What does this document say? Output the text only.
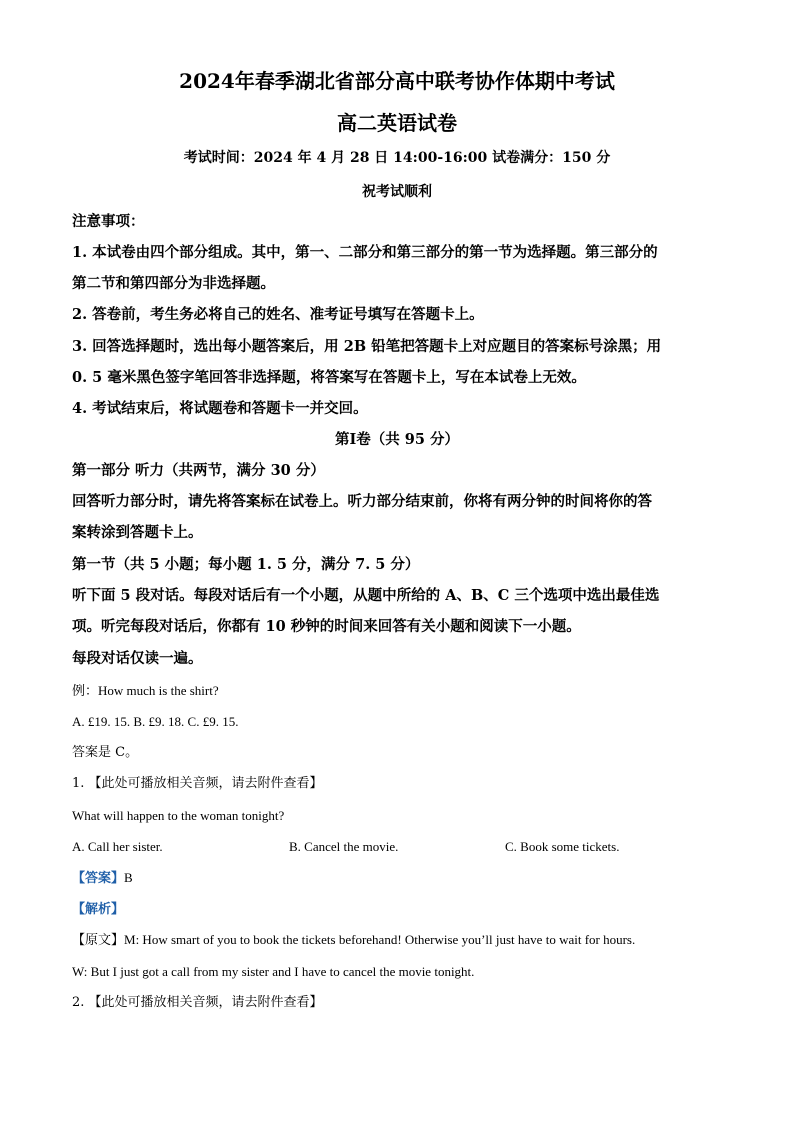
2024年春季湖北省部分高中联考协作体期中考试
高二英语试卷
考试时间：2024 年 4 月 28 日 14:00-16:00 试卷满分：150 分
祝考试顺利
注意事项：
1. 本试卷由四个部分组成。其中，第一、二部分和第三部分的第一节为选择题。第三部分的
第二节和第四部分为非选择题。
2. 答卷前，考生务必将自己的姓名、准考证号填写在答题卡上。
3. 回答选择题时，选出每小题答案后，用 2B 铅笔把答题卡上对应题目的答案标号涂黑；用
0. 5 毫米黑色签字笔回答非选择题，将答案写在答题卡上，写在本试卷上无效。
4. 考试结束后，将试题卷和答题卡一并交回。
第Ⅰ卷（共 95 分）
第一部分 听力（共两节，满分 30 分）
回答听力部分时，请先将答案标在试卷上。听力部分结束前，你将有两分钟的时间将你的答
案转涂到答题卡上。
第一节（共 5 小题；每小题 1. 5 分，满分 7. 5 分）
听下面 5 段对话。每段对话后有一个小题，从题中所给的 A、B、C 三个选项中选出最佳选
项。听完每段对话后，你都有 10 秒钟的时间来回答有关小题和阅读下一小题。
每段对话仅读一遍。
例：How much is the shirt?
A. £19. 15. B. £9. 18. C. £9. 15.
答案是 C。
1. 【此处可播放相关音频，请去附件查看】
What will happen to the woman tonight?
A. Call her sister.	B. Cancel the movie.	C. Book some tickets.
【答案】B
【解析】
【原文】M: How smart of you to book the tickets beforehand! Otherwise you’ll just have to wait for hours.
W: But I just got a call from my sister and I have to cancel the movie tonight.
2. 【此处可播放相关音频，请去附件查看】
